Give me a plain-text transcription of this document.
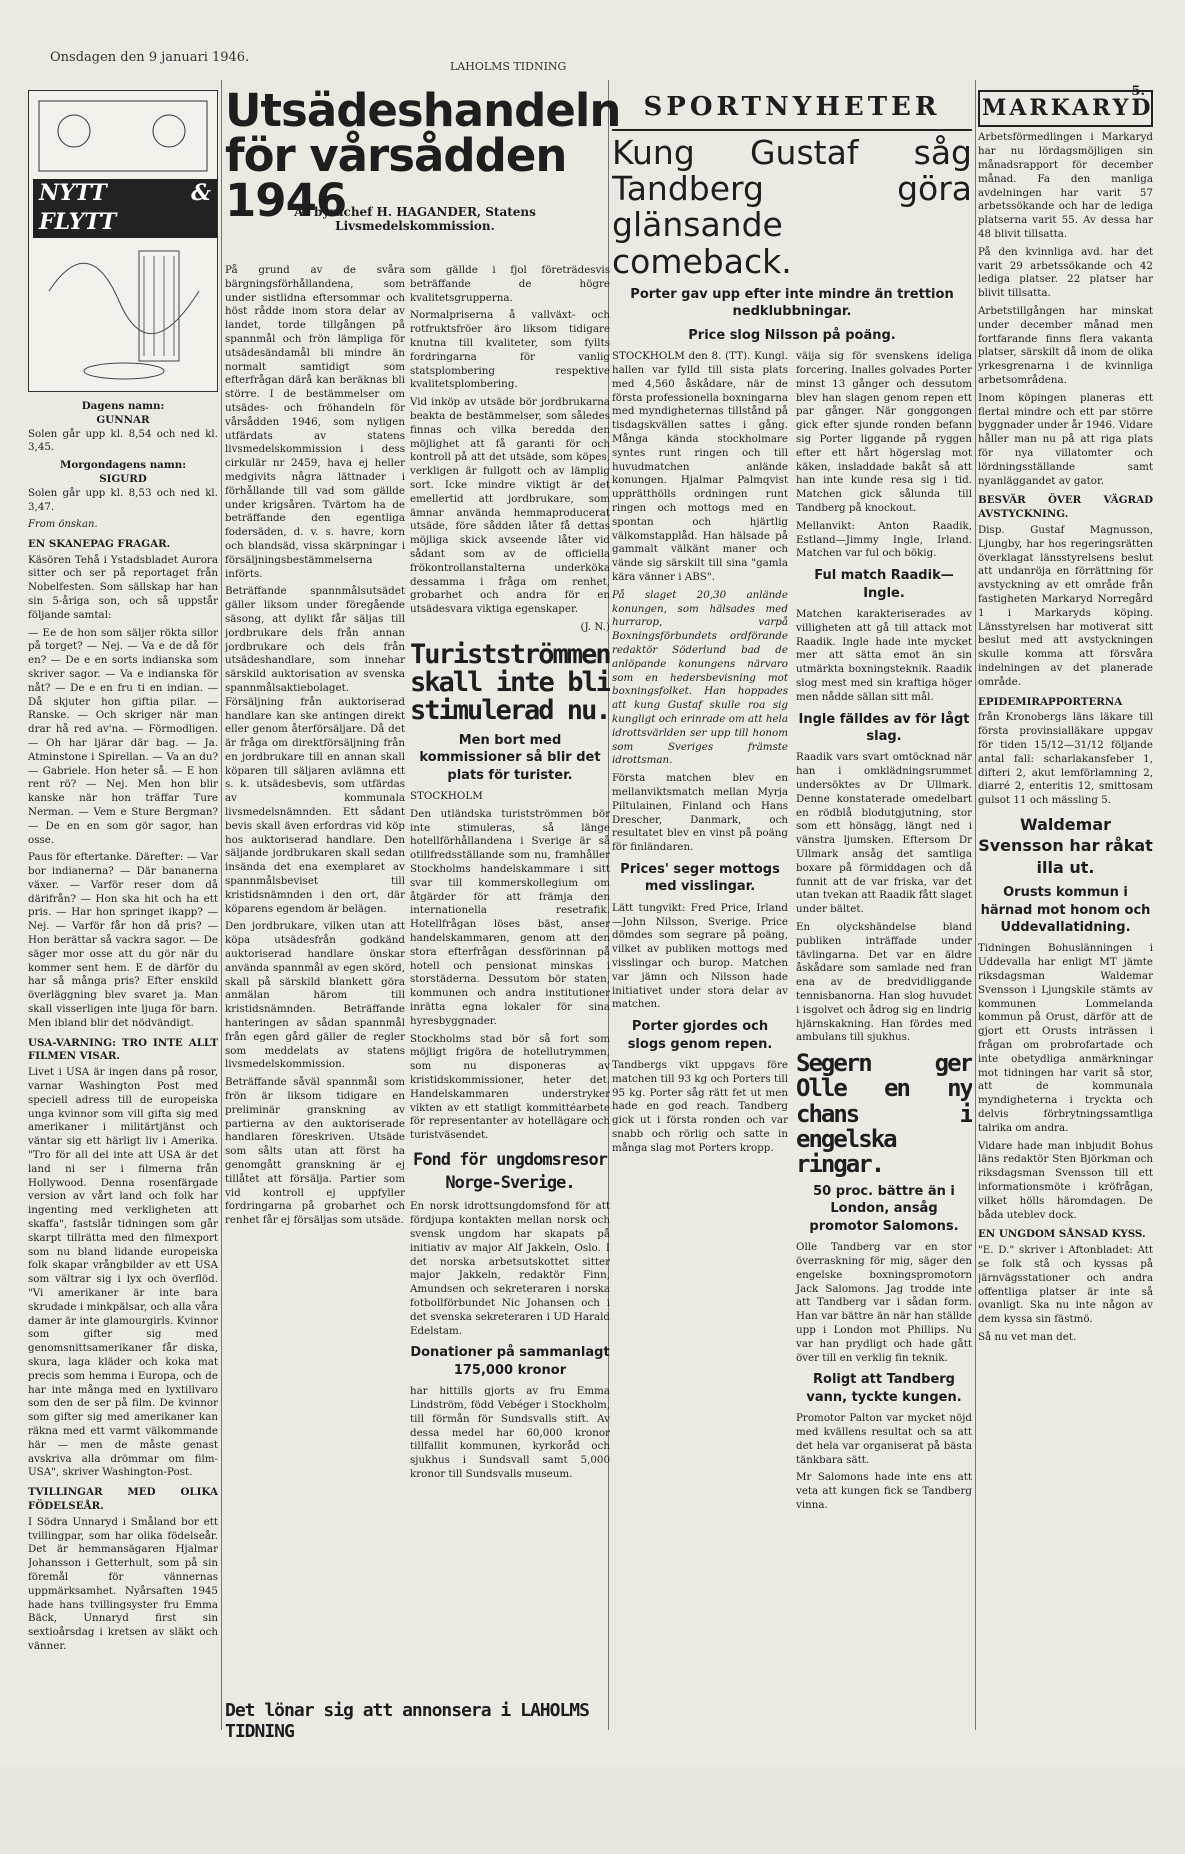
Onsdagen den 9 januari 1946.
LAHOLMS TIDNING
5.
NYTT & FLYTT
Dagens namn:
GUNNAR

Solen går upp kl. 8,54 och ned kl. 3,45.

Morgondagens namn:
SIGURD

Solen går upp kl. 8,53 och ned kl. 3,47.

From önskan.

EN SKANEPAG FRAGAR.

Käsören Tehå i Ystadsbladet Aurora sitter och ser på reportaget från Nobelfesten. Som sällskap har han sin 5-åriga son, och så uppstår följande samtal:

— Ee de hon som säljer rökta sillor på torget? — Nej. — Va e de då för en? — De e en sorts indianska som skriver sagor. — Va e indianska för nåt? — De e en fru ti en indian. — Då skjuter hon giftia pilar. — Ranske. — Och skriger när man drar hå red av'na. — Förmodligen. — Oh har ljärar där bag. — Ja. Atminstone i Spirellan. — Va an du? — Gabriele. Hon heter så. — E hon rent rö? — Nej. Men hon blir kanske när hon träffar Ture Nerman. — Vem e Sture Bergman? — De en en som gör sagor, han osse.

Paus för eftertanke. Därefter: — Var bor indianerna? — Där bananerna växer. — Varför reser dom då därifrån? — Hon ska hit och ha ett pris. — Har hon springet ikapp? — Nej. — Varför får hon då pris? — Hon berättar så vackra sagor. — De säger mor osse att du gör när du kommer sent hem. E de därför du har så många pris? Efter enskild överläggning blev svaret ja. Man skall visserligen inte ljuga för barn. Men ibland blir det nödvändigt.

USA-VARNING: TRO INTE ALLT FILMEN VISAR.

Livet i USA är ingen dans på rosor, varnar Washington Post med speciell adress till de europeiska unga kvinnor som vill gifta sig med amerikaner i militärtjänst och väntar sig ett härligt liv i Amerika. "Tro för all del inte att USA är det land ni ser i filmerna från Hollywood. Denna rosenfärgade version av vårt land och folk har ingenting med verkligheten att skaffa", fastslår tidningen som går skarpt tillrätta med den filmexport som nu bland lidande europeiska folk skapar vrångbilder av ett USA som vältrar sig i lyx och överflöd. "Vi amerikaner är inte bara skrudade i minkpälsar, och alla våra damer är inte glamourgirls. Kvinnor som gifter sig med genomsnittsamerikaner får diska, skura, laga kläder och koka mat precis som hemma i Europa, och de har inte många med en lyxtillvaro som den de ser på film. De kvinnor som gifter sig med amerikaner kan räkna med ett varmt välkommande här — men de måste genast avskriva alla drömmar om film-USA", skriver Washington-Post.

TVILLINGAR MED OLIKA FÖDELSEÅR.

I Södra Unnaryd i Småland bor ett tvillingpar, som har olika födelseår. Det är hemmansägaren Hjalmar Johansson i Getterhult, som på sin föremål för vännernas uppmärksamhet. Nyårsaften 1945 hade hans tvillingsyster fru Emma Bäck, Unnaryd first sin sextioårsdag i kretsen av släkt och vänner.

Utsädeshandeln för vårsådden 1946
Av byråchef H. HAGANDER, Statens Livsmedelskommission.

På grund av de svåra bärgningsförhållandena, som under sistlidna eftersommar och höst rådde inom stora delar av landet, torde tillgången på spannmål och frön lämpliga för utsädesändamål bli mindre än normalt samtidigt som efterfrågan därå kan beräknas bli större. I de bestämmelser om utsädes- och fröhandeln för vårsådden 1946, som nyligen utfärdats av statens livsmedelskommission i dess cirkulär nr 2459, hava ej heller medgivits några lättnader i förhållande till vad som gällde under krigsåren. Tvärtom ha de beträffande den egentliga fodersäden, d. v. s. havre, korn och blandsäd, vissa skärpningar i försäljningsbestämmelserna införts.

Beträffande spannmålsutsädet gäller liksom under föregående säsong, att dylikt får säljas till jordbrukare dels från annan jordbrukare och dels från utsädeshandlare, som innehar särskild auktorisation av svenska spannmålsaktiebolaget. Försäljning från auktoriserad handlare kan ske antingen direkt eller genom återförsäljare. Då det är fråga om direktförsäljning från en jordbrukare till en annan skall köparen till säljaren avlämna ett s. k. utsädesbevis, som utfärdas av kommunala livsmedelsnämnden. Ett sådant bevis skall även erfordras vid köp hos auktoriserad handlare. Den säljande jordbrukaren skall sedan insända det ena exemplaret av spannmålsbeviset till kristidsnämnden i den ort, där köparens egendom är belägen.

Den jordbrukare, vilken utan att köpa utsädesfrån godkänd auktoriserad handlare önskar använda spannmål av egen skörd, skall på särskild blankett göra anmälan härom till kristidsnämnden. Beträffande hanteringen av sådan spannmål från egen gård gäller de regler som meddelats av statens livsmedelskommission.

Beträffande såväl spannmål som frön är liksom tidigare en preliminär granskning av partierna av den auktoriserade handlaren föreskriven. Utsäde som sålts utan att först ha genomgått granskning är ej tillåtet att försälja. Partier som vid kontroll ej uppfyller fordringarna på grobarhet och renhet får ej försäljas som utsäde.

som gällde i fjol företrädesvis beträffande de högre kvalitetsgrupperna.

Normalpriserna å vallväxt- och rotfruktsfröer äro liksom tidigare knutna till kvaliteter, som fyllts fordringarna för vanlig statsplombering respektive kvalitetsplombering.

Vid inköp av utsäde bör jordbrukarna beakta de bestämmelser, som således finnas och vilka beredda den möjlighet att få garanti för och kontroll på att det utsäde, som köpes, verkligen är fullgott och av lämplig sort. Icke mindre viktigt är det emellertid att jordbrukare, som ämnar använda hemmaproducerat utsäde, före sådden låter få dettas möjliga skick avseende låter vid sådant som av de officiella frökontrollanstalterna underköka dessamma i fråga om renhet, grobarhet och andra för en utsädesvara viktiga egenskaper.

(J. N.)

Turistströmmen skall inte bli stimulerad nu.
Men bort med kommissioner så blir det plats för turister.

STOCKHOLM

Den utländska turistströmmen bör inte stimuleras, så länge hotellförhållandena i Sverige är så otillfredsställande som nu, framhåller Stockholms handelskammare i sitt svar till kommerskollegium om åtgärder för att främja den internationella resetrafik. Hotellfrågan löses bäst, anser handelskammaren, genom att den stora efterfrågan dessförinnan på hotell och pensionat minskas i storstäderna. Dessutom bör staten, kommunen och andra institutioner inrätta egna lokaler för sina hyresbyggnader.

Stockholms stad bör så fort som möjligt frigöra de hotellutrymmen, som nu disponeras av kristidskommissioner, heter det. Handelskammaren understryker vikten av ett statligt kommittéarbete för representanter av hotellägare och turistväsendet.

Fond för ungdomsresor Norge-Sverige.

En norsk idrottsungdomsfond för att fördjupa kontakten mellan norsk och svensk ungdom har skapats på initiativ av major Alf Jakkeln, Oslo. I det norska arbetsutskottet sitter major Jakkeln, redaktör Finn, Amundsen och sekreteraren i norska fotbollförbundet Nic Johansen och i det svenska sekreteraren i UD Harald Edelstam.

Donationer på sammanlagt 175,000 kronor

har hittills gjorts av fru Emma Lindström, född Vebéger i Stockholm, till förmån för Sundsvalls stift. Av dessa medel har 60,000 kronor tillfallit kommunen, kyrkoråd och sjukhus i Sundsvall samt 5,000 kronor till Sundsvalls museum.

Det lönar sig att annonsera i LAHOLMS TIDNING
SPORTNYHETER
Kung Gustaf såg Tandberg göra glänsande comeback.
Porter gav upp efter inte mindre än trettion nedklubbningar.
Price slog Nilsson på poäng.

STOCKHOLM den 8. (TT). Kungl. hallen var fylld till sista plats med 4,560 åskådare, när de första professionella boxningarna med myndigheternas tillstånd på tisdagskvällen sattes i gång. Många kända stockholmare syntes runt ringen och till huvudmatchen anlände konungen. Hjalmar Palmqvist upprätthölls ordningen runt ringen och mottogs med en spontan och hjärtlig välkomstapplåd. Han hälsade på gammalt välkänt maner och vände sig särskilt till sina "gamla kära vänner i ABS".

På slaget 20,30 anlände konungen, som hälsades med hurrarop, varpå Boxningsförbundets ordförande redaktör Söderlund bad de anlöpande konungens närvaro som en hedersbevisning mot boxningsfolket. Han hoppades att kung Gustaf skulle roa sig kungligt och erinrade om att hela idrottsvärlden ser upp till honom som Sveriges främste idrottsman.

Första matchen blev en mellanviktsmatch mellan Myrja Piltulainen, Finland och Hans Drescher, Danmark, och resultatet blev en vinst på poäng för finländaren.

Prices' seger mottogs med visslingar.

Lätt tungvikt: Fred Price, Irland —John Nilsson, Sverige. Price dömdes som segrare på poäng, vilket av publiken mottogs med visslingar och burop. Matchen var jämn och Nilsson hade initiativet under stora delar av matchen.

Porter gjordes och slogs genom repen.

Tandbergs vikt uppgavs före matchen till 93 kg och Porters till 95 kg. Porter såg rätt fet ut men hade en god reach. Tandberg gick ut i första ronden och var snabb och rörlig och satte in många slag mot Porters kropp.

väija sig för svenskens ideliga forcering. Inalles golvades Porter minst 13 gånger och dessutom blev han slagen genom repen ett par gånger. När gonggongen gick efter sjunde ronden befann sig Porter liggande på ryggen efter ett hårt högerslag mot käken, insladdade bakåt så att han inte kunde resa sig i tid. Matchen gick sålunda till Tandberg på knockout.

Mellanvikt: Anton Raadik, Estland—Jimmy Ingle, Irland. Matchen var ful och bökig.

Ful match Raadik—Ingle.

Matchen karakteriserades av villigheten att gå till attack mot Raadik. Ingle hade inte mycket mer att sätta emot än sin utmärkta boxningsteknik. Raadik slog mest med sin kraftiga höger men nådde sällan sitt mål.

Ingle fälldes av för lågt slag.

Raadik vars svart omtöcknad när han i omklädningsrummet undersöktes av Dr Ullmark. Denne konstaterade omedelbart en rödblå blodutgjutning, stor som ett hönsägg, längt ned i vänstra ljumsken. Eftersom Dr Ullmark ansåg det samtliga boxare på förmiddagen och då funnit att de var friska, var det utan tvekan att Raadik fått slaget under bältet.

En olyckshändelse bland publiken inträffade under tävlingarna. Det var en äldre åskådare som samlade ned fran ena av de bredvidliggande tennisbanorna. Han slog huvudet i isgolvet och ådrog sig en lindrig hjärnskakning. Han fördes med ambulans till sjukhus.

Segern ger Olle en ny chans i engelska ringar.
50 proc. bättre än i London, ansåg promotor Salomons.

Olle Tandberg var en stor överraskning för mig, säger den engelske boxningspromotorn Jack Salomons. Jag trodde inte att Tandberg var i sådan form. Han var bättre än när han ställde upp i London mot Phillips. Nu var han prydligt och hade gått över till en verklig fin teknik.

Roligt att Tandberg vann, tyckte kungen.

Promotor Palton var mycket nöjd med kvällens resultat och sa att det hela var organiserat på bästa tänkbara sätt.

Mr Salomons hade inte ens att veta att kungen fick se Tandberg vinna.

MARKARYD

Arbetsförmedlingen i Markaryd har nu lördagsmöjligen sin månadsrapport för december månad. Fa den manliga avdelningen har varit 57 arbetssökande och har de lediga platserna varit 55. Av dessa har 48 blivit tillsatta.

På den kvinnliga avd. har det varit 29 arbetssökande och 42 lediga platser. 22 platser har blivit tillsatta.

Arbetstillgången har minskat under december månad men fortfarande finns flera vakanta platser, särskilt då inom de olika yrkesgrenarna i de kvinnliga arbetsområdena.

Inom köpingen planeras ett flertal mindre och ett par större byggnader under år 1946. Vidare håller man nu på att riga plats för nya villatomter och lördningsställande samt nyanläggandet av gator.

BESVÄR ÖVER VÄGRAD AVSTYCKNING.

Disp. Gustaf Magnusson, Ljungby, har hos regeringsrätten överklagat länsstyrelsens beslut att undanröja en förrättning för avstyckning av ett område från fastigheten Markaryd Norregård 1 i Markaryds köping. Länsstyrelsen har motiverat sitt beslut med att avstyckningen skulle komma att försvåra indelningen av det planerade område.

EPIDEMIRAPPORTERNA

från Kronobergs läns läkare till första provinsialläkare uppgav för tiden 15/12—31/12 följande antal fall: scharlakansfeber 1, difteri 2, akut lemförlamning 2, diarré 2, enteritis 12, smittosam gulsot 11 och mässling 5.

Waldemar Svensson har råkat illa ut.
Orusts kommun i härnad mot honom och Uddevallatidning.

Tidningen Bohuslänningen i Uddevalla har enligt MT jämte riksdagsman Waldemar Svensson i Ljungskile stämts av kommunen Lommelanda kommun på Orust, därför att de gjort ett Orusts inträssen i frågan om probrofartade och inte obetydliga anmärkningar mot tidningen har varit så stor, att de kommunala myndigheterna i tryckta och delvis förbrytningssamtliga talrika om andra.

Vidare hade man inbjudit Bohus läns redaktör Sten Björkman och riksdagsman Svensson till ett informationsmöte i kröfrågan, vilket hölls häromdagen. De båda uteblev dock.

EN UNGDOM SÅNSAD KYSS.

"E. D." skriver i Aftonbladet: Att se folk stå och kyssas på järnvägsstationer och andra offentliga platser är inte så ovanligt. Ska nu inte någon av dem kyssa sin fästmö.

Så nu vet man det.
